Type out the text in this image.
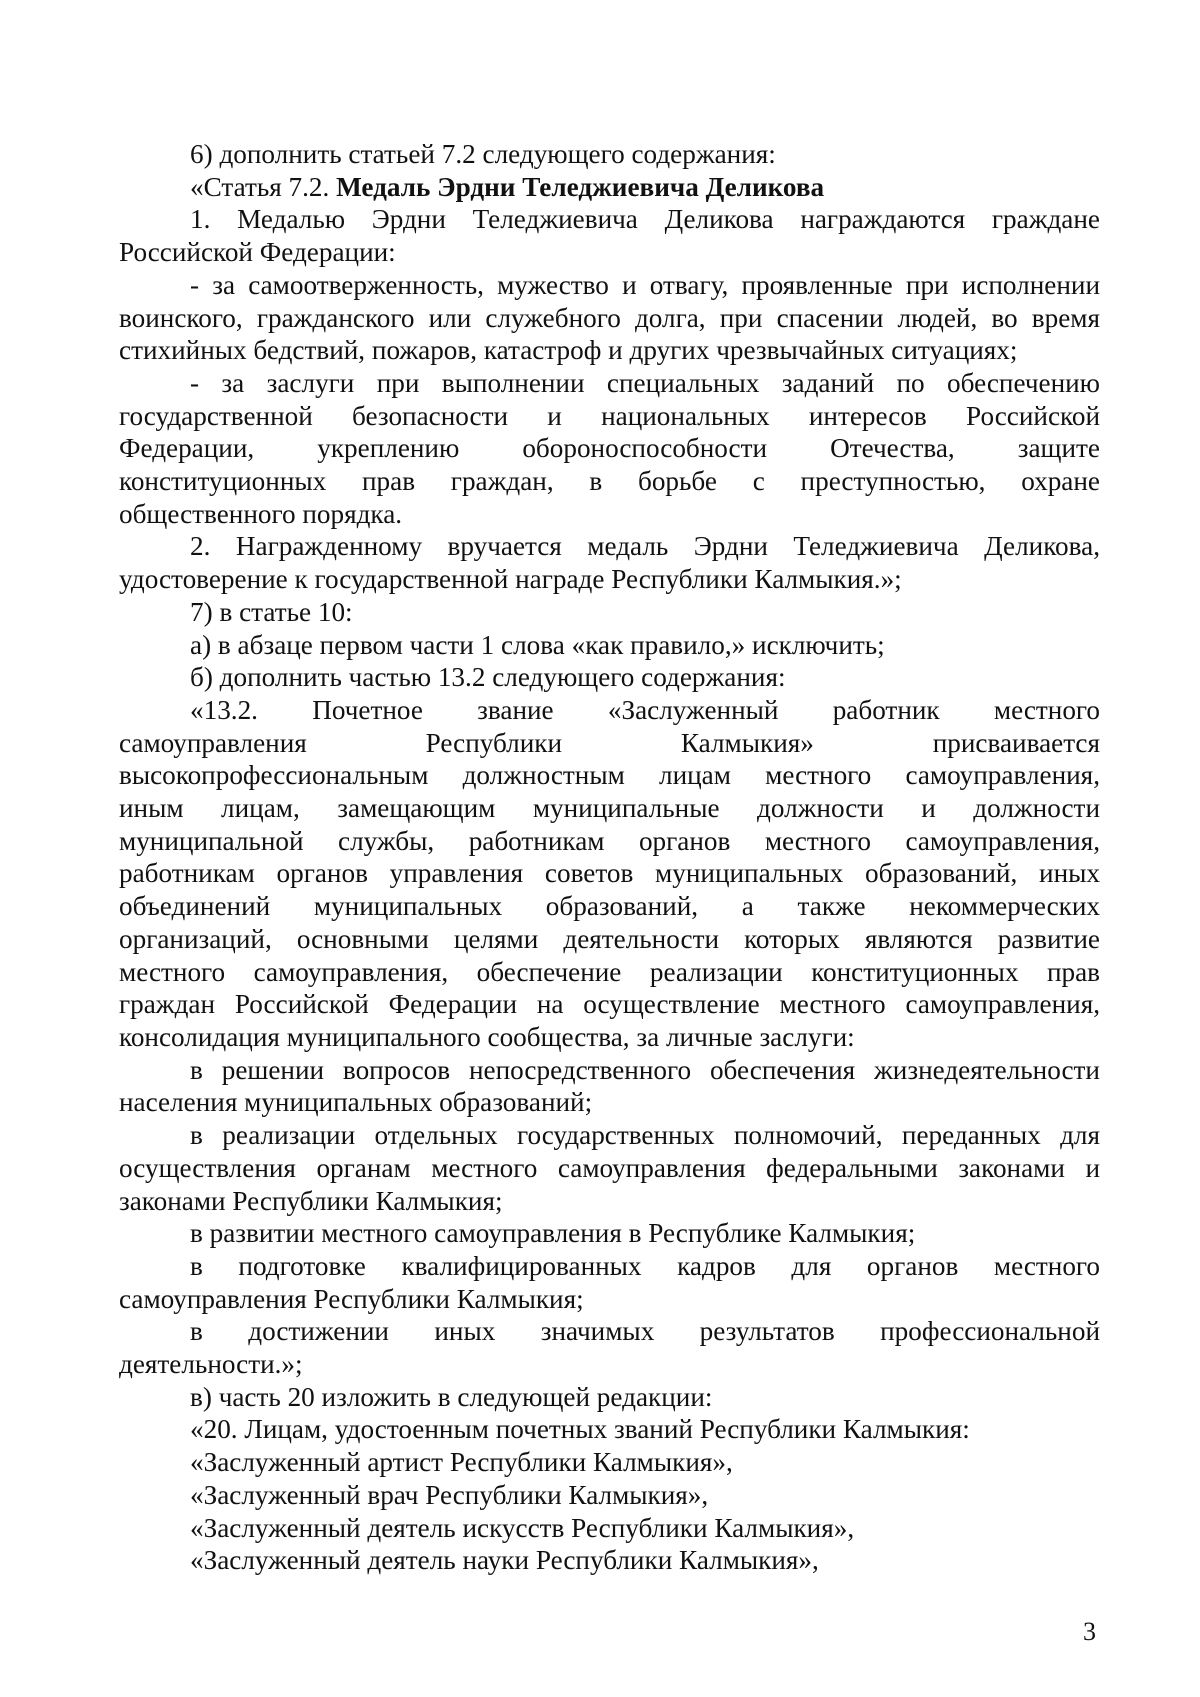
6) дополнить статьей 7.2 следующего содержания:
«Статья 7.2. Медаль Эрдни Теледжиевича Деликова
1. Медалью Эрдни Теледжиевича Деликова награждаются граждане
Российской Федерации:
- за самоотверженность, мужество и отвагу, проявленные при исполнении
воинского, гражданского или служебного долга, при спасении людей, во время
стихийных бедствий, пожаров, катастроф и других чрезвычайных ситуациях;
- за заслуги при выполнении специальных заданий по обеспечению
государственной безопасности и национальных интересов Российской
Федерации, укреплению обороноспособности Отечества, защите
конституционных прав граждан, в борьбе с преступностью, охране
общественного порядка.
2. Награжденному вручается медаль Эрдни Теледжиевича Деликова,
удостоверение к государственной награде Республики Калмыкия.»;
7) в статье 10:
а) в абзаце первом части 1 слова «как правило,» исключить;
б) дополнить частью 13.2 следующего содержания:
«13.2. Почетное звание «Заслуженный работник местного
самоуправления Республики Калмыкия» присваивается
высокопрофессиональным должностным лицам местного самоуправления,
иным лицам, замещающим муниципальные должности и должности
муниципальной службы, работникам органов местного самоуправления,
работникам органов управления советов муниципальных образований, иных
объединений муниципальных образований, а также некоммерческих
организаций, основными целями деятельности которых являются развитие
местного самоуправления, обеспечение реализации конституционных прав
граждан Российской Федерации на осуществление местного самоуправления,
консолидация муниципального сообщества, за личные заслуги:
в решении вопросов непосредственного обеспечения жизнедеятельности
населения муниципальных образований;
в реализации отдельных государственных полномочий, переданных для
осуществления органам местного самоуправления федеральными законами и
законами Республики Калмыкия;
в развитии местного самоуправления в Республике Калмыкия;
в подготовке квалифицированных кадров для органов местного
самоуправления Республики Калмыкия;
в достижении иных значимых результатов профессиональной
деятельности.»;
в) часть 20 изложить в следующей редакции:
«20. Лицам, удостоенным почетных званий Республики Калмыкия:
«Заслуженный артист Республики Калмыкия»,
«Заслуженный врач Республики Калмыкия»,
«Заслуженный деятель искусств Республики Калмыкия»,
«Заслуженный деятель науки Республики Калмыкия»,
3
